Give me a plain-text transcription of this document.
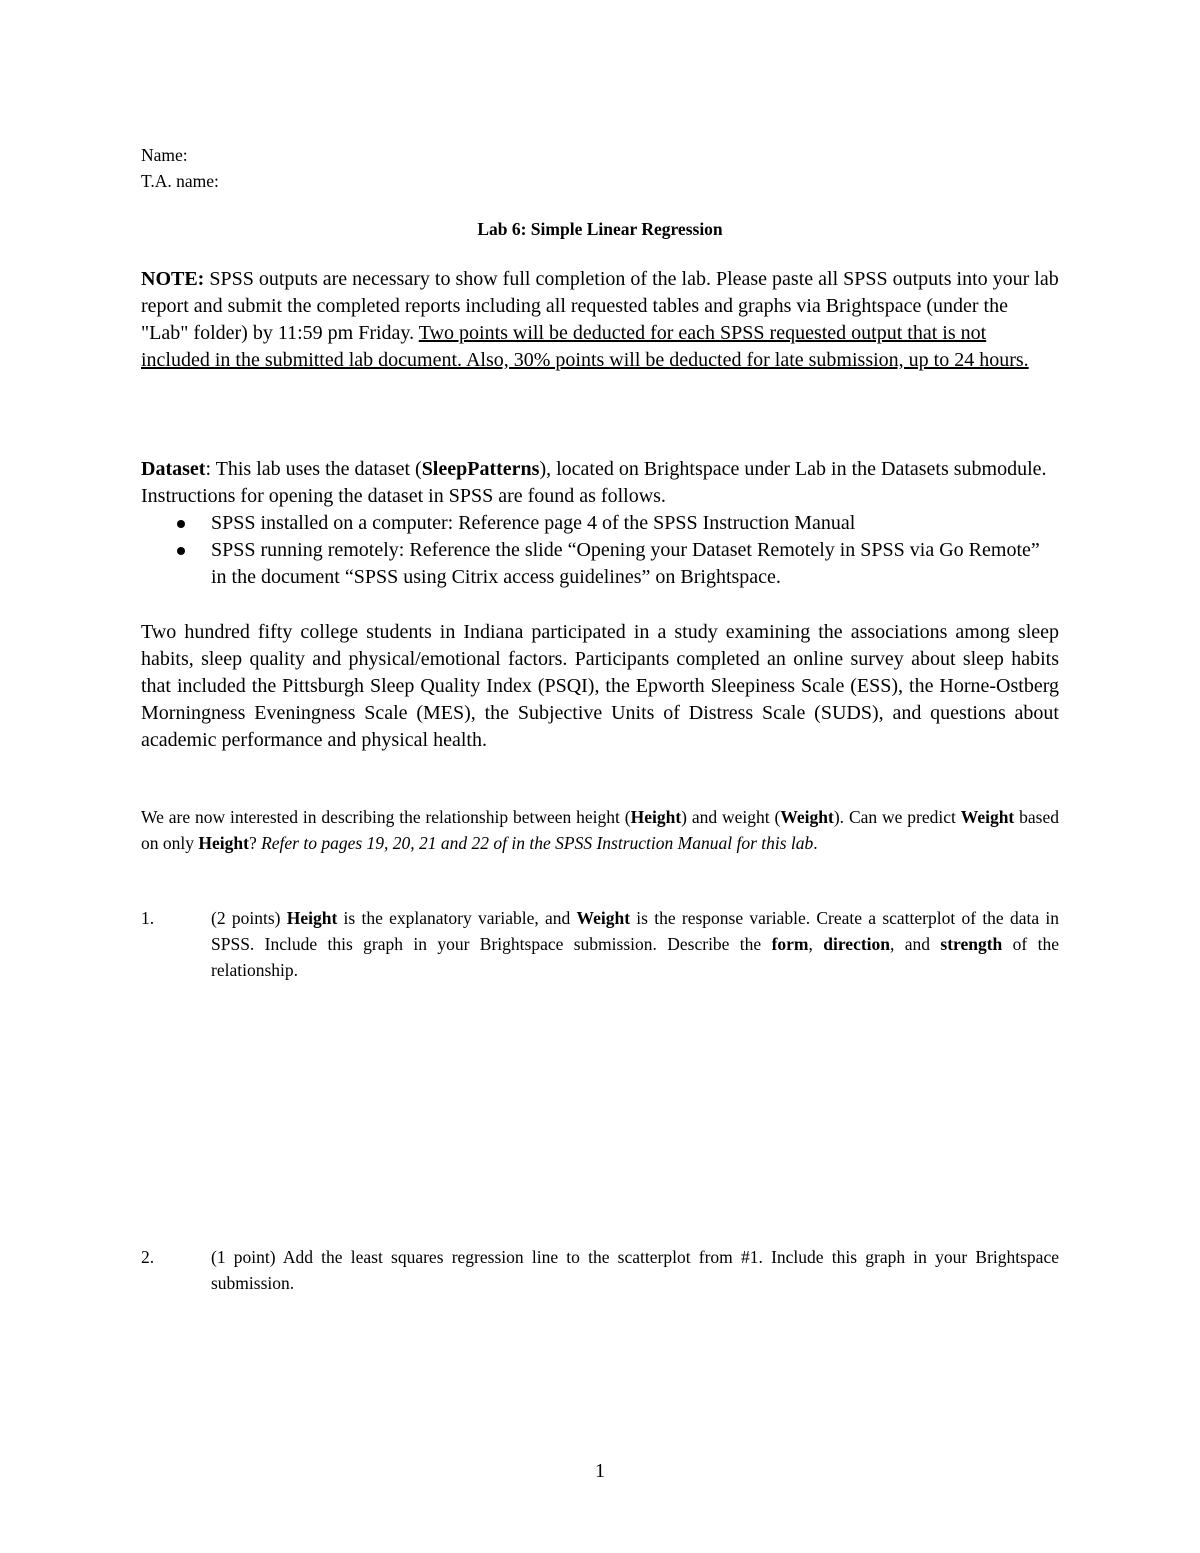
Name:
T.A. name:
Lab 6: Simple Linear Regression
NOTE: SPSS outputs are necessary to show full completion of the lab. Please paste all SPSS outputs into your lab report and submit the completed reports including all requested tables and graphs via Brightspace (under the "Lab" folder) by 11:59 pm Friday. Two points will be deducted for each SPSS requested output that is not included in the submitted lab document. Also, 30% points will be deducted for late submission, up to 24 hours.
Dataset: This lab uses the dataset (SleepPatterns), located on Brightspace under Lab in the Datasets submodule. Instructions for opening the dataset in SPSS are found as follows.
SPSS installed on a computer: Reference page 4 of the SPSS Instruction Manual
SPSS running remotely: Reference the slide “Opening your Dataset Remotely in SPSS via Go Remote” in the document “SPSS using Citrix access guidelines” on Brightspace.
Two hundred fifty college students in Indiana participated in a study examining the associations among sleep habits, sleep quality and physical/emotional factors. Participants completed an online survey about sleep habits that included the Pittsburgh Sleep Quality Index (PSQI), the Epworth Sleepiness Scale (ESS), the Horne-Ostberg Morningness Eveningness Scale (MES), the Subjective Units of Distress Scale (SUDS), and questions about academic performance and physical health.
We are now interested in describing the relationship between height (Height) and weight (Weight). Can we predict Weight based on only Height? Refer to pages 19, 20, 21 and 22 of in the SPSS Instruction Manual for this lab.
1.	(2 points) Height is the explanatory variable, and Weight is the response variable. Create a scatterplot of the data in SPSS. Include this graph in your Brightspace submission. Describe the form, direction, and strength of the relationship.
2.	(1 point) Add the least squares regression line to the scatterplot from #1. Include this graph in your Brightspace submission.
1
